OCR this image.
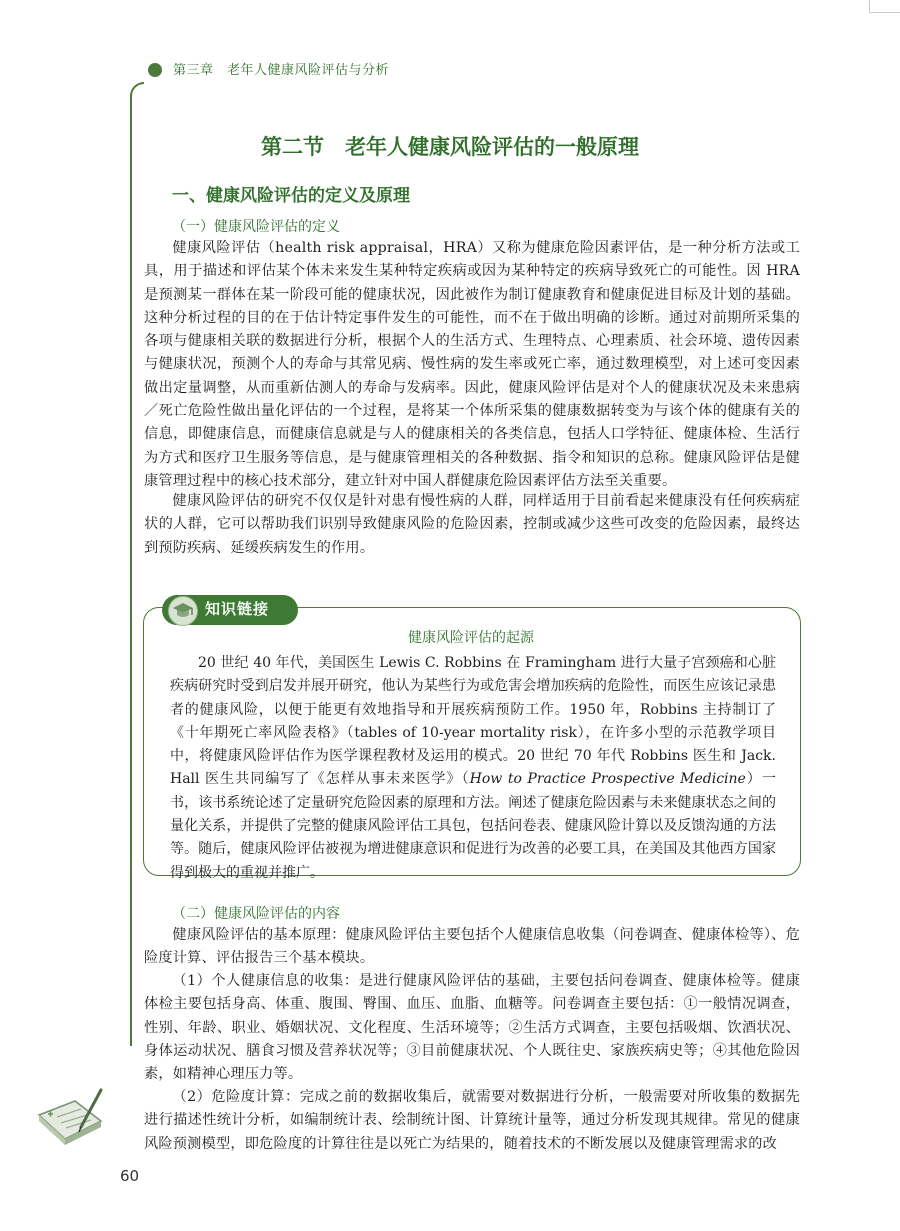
第三章　老年人健康风险评估与分析
第二节　老年人健康风险评估的一般原理
一、健康风险评估的定义及原理
（一）健康风险评估的定义

健康风险评估（health risk appraisal，HRA）又称为健康危险因素评估，是一种分析方法或工具，用于描述和评估某个体未来发生某种特定疾病或因为某种特定的疾病导致死亡的可能性。因 HRA 是预测某一群体在某一阶段可能的健康状况，因此被作为制订健康教育和健康促进目标及计划的基础。这种分析过程的目的在于估计特定事件发生的可能性，而不在于做出明确的诊断。通过对前期所采集的各项与健康相关联的数据进行分析，根据个人的生活方式、生理特点、心理素质、社会环境、遗传因素与健康状况，预测个人的寿命与其常见病、慢性病的发生率或死亡率，通过数理模型，对上述可变因素做出定量调整，从而重新估测人的寿命与发病率。因此，健康风险评估是对个人的健康状况及未来患病／死亡危险性做出量化评估的一个过程，是将某一个体所采集的健康数据转变为与该个体的健康有关的信息，即健康信息，而健康信息就是与人的健康相关的各类信息，包括人口学特征、健康体检、生活行为方式和医疗卫生服务等信息，是与健康管理相关的各种数据、指令和知识的总称。健康风险评估是健康管理过程中的核心技术部分，建立针对中国人群健康危险因素评估方法至关重要。

健康风险评估的研究不仅仅是针对患有慢性病的人群，同样适用于目前看起来健康没有任何疾病症状的人群，它可以帮助我们识别导致健康风险的危险因素，控制或减少这些可改变的危险因素，最终达到预防疾病、延缓疾病发生的作用。

知识链接
健康风险评估的起源

20 世纪 40 年代，美国医生 Lewis C. Robbins 在 Framingham 进行大量子宫颈癌和心脏疾病研究时受到启发并展开研究，他认为某些行为或危害会增加疾病的危险性，而医生应该记录患者的健康风险，以便于能更有效地指导和开展疾病预防工作。1950 年，Robbins 主持制订了《十年期死亡率风险表格》（tables of 10-year mortality risk），在许多小型的示范教学项目中，将健康风险评估作为医学课程教材及运用的模式。20 世纪 70 年代 Robbins 医生和 Jack. Hall 医生共同编写了《怎样从事未来医学》（How to Practice Prospective Medicine）一书，该书系统论述了定量研究危险因素的原理和方法。阐述了健康危险因素与未来健康状态之间的量化关系，并提供了完整的健康风险评估工具包，包括问卷表、健康风险计算以及反馈沟通的方法等。随后，健康风险评估被视为增进健康意识和促进行为改善的必要工具，在美国及其他西方国家得到极大的重视并推广。

（二）健康风险评估的内容

健康风险评估的基本原理：健康风险评估主要包括个人健康信息收集（问卷调查、健康体检等）、危险度计算、评估报告三个基本模块。

（1）个人健康信息的收集：是进行健康风险评估的基础，主要包括问卷调查、健康体检等。健康体检主要包括身高、体重、腹围、臀围、血压、血脂、血糖等。问卷调查主要包括：①一般情况调查，性别、年龄、职业、婚姻状况、文化程度、生活环境等；②生活方式调查，主要包括吸烟、饮酒状况、身体运动状况、膳食习惯及营养状况等；③目前健康状况、个人既往史、家族疾病史等；④其他危险因素，如精神心理压力等。

（2）危险度计算：完成之前的数据收集后，就需要对数据进行分析，一般需要对所收集的数据先进行描述性统计分析，如编制统计表、绘制统计图、计算统计量等，通过分析发现其规律。常见的健康风险预测模型，即危险度的计算往往是以死亡为结果的，随着技术的不断发展以及健康管理需求的改

60
